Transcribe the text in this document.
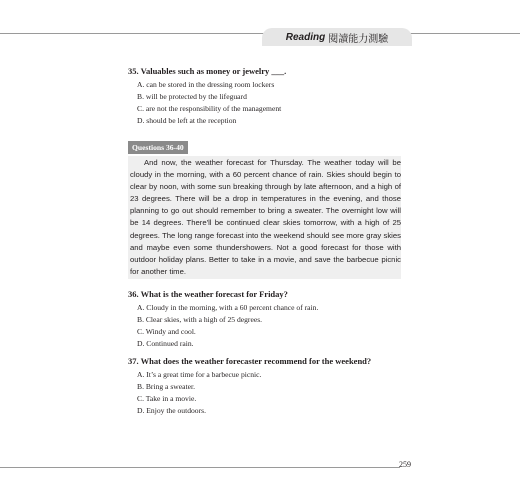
Reading 閱讀能力測驗

35. Valuables such as money or jewelry ___.

A. can be stored in the dressing room lockers

B. will be protected by the lifeguard

C. are not the responsibility of the management

D. should be left at the reception

Questions 36-40

And now, the weather forecast for Thursday. The weather today will be cloudy in the morning, with a 60 percent chance of rain. Skies should begin to clear by noon, with some sun breaking through by late afternoon, and a high of 23 degrees. There will be a drop in temperatures in the evening, and those planning to go out should remember to bring a sweater. The overnight low will be 14 degrees. There'll be continued clear skies tomorrow, with a high of 25 degrees. The long range forecast into the weekend should see more gray skies and maybe even some thundershowers. Not a good forecast for those with outdoor holiday plans. Better to take in a movie, and save the barbecue picnic for another time.

36. What is the weather forecast for Friday?

A. Cloudy in the morning, with a 60 percent chance of rain.

B. Clear skies, with a high of 25 degrees.

C. Windy and cool.

D. Continued rain.

37. What does the weather forecaster recommend for the weekend?

A. It’s a great time for a barbecue picnic.

B. Bring a sweater.

C. Take in a movie.

D. Enjoy the outdoors.

259
